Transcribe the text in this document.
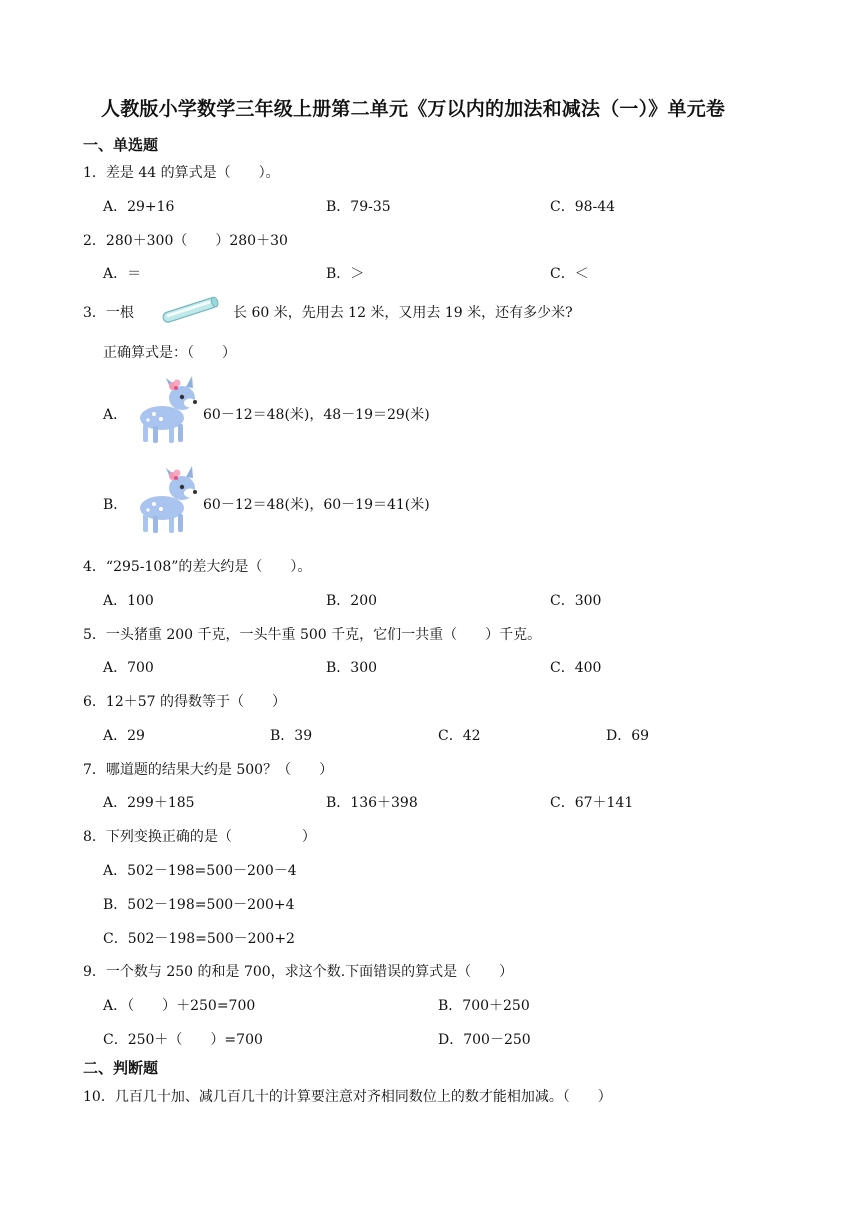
人教版小学数学三年级上册第二单元《万以内的加法和减法（一）》单元卷
一、单选题
1．差是 44 的算式是（　　）。
A．29+16	B．79-35	C．98-44
2．280＋300（　　）280＋30
A．＝	B．＞	C．＜
3．一根	长 60 米，先用去 12 米，又用去 19 米，还有多少米?
正确算式是：（　　）
A．	60－12＝48(米)，48－19＝29(米)
B．	60－12＝48(米)，60－19＝41(米)
4．“295-108”的差大约是（　　）。
A．100	B．200	C．300
5．一头猪重 200 千克，一头牛重 500 千克，它们一共重（　　）千克。
A．700	B．300	C．400
6．12＋57 的得数等于（　　）
A．29	B．39	C．42	D．69
7．哪道题的结果大约是 500？（　　）
A．299＋185	B．136＋398	C．67＋141
8．下列变换正确的是（　　　　　）
A．502－198=500－200－4
B．502－198=500－200+4
C．502－198=500－200+2
9．一个数与 250 的和是 700，求这个数.下面错误的算式是（　　）
A．（　　）＋250=700	B．700＋250
C．250＋（　　）=700	D．700－250
二、判断题
10．几百几十加、减几百几十的计算要注意对齐相同数位上的数才能相加减。（　　）
